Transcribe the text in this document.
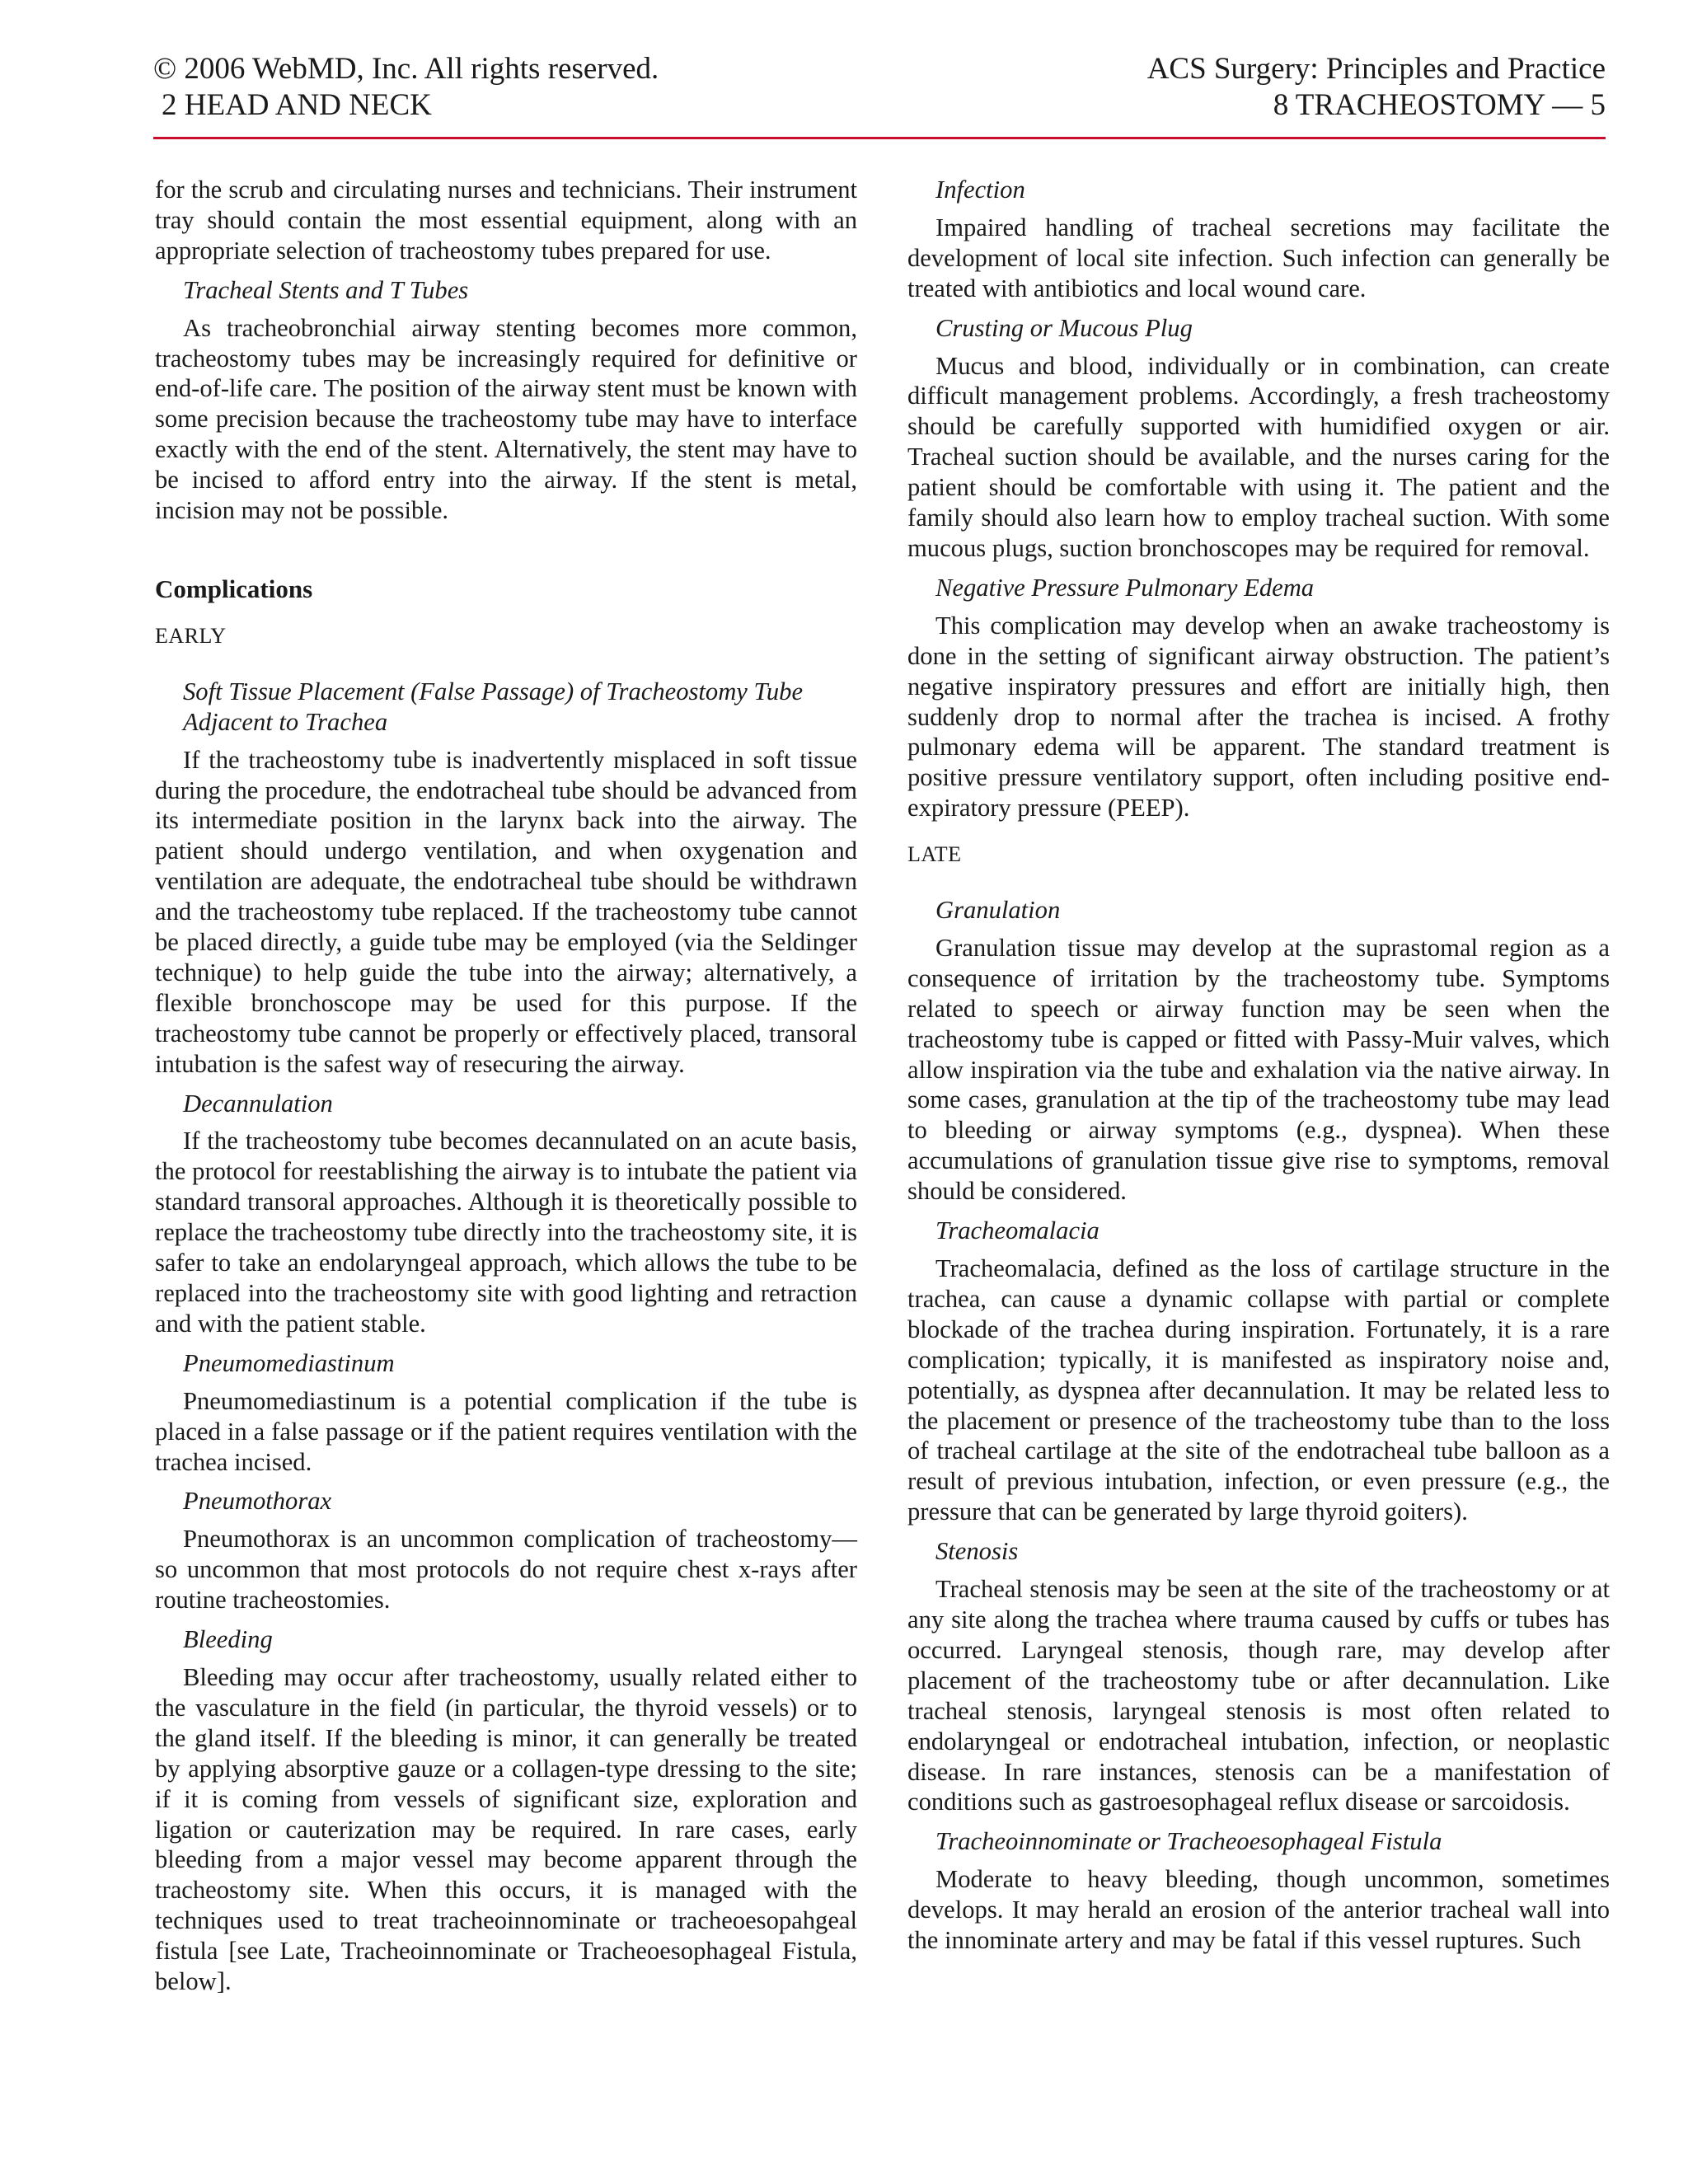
© 2006 WebMD, Inc. All rights reserved.
2 HEAD AND NECK
ACS Surgery: Principles and Practice
8 TRACHEOSTOMY — 5

for the scrub and circulating nurses and technicians. Their instrument tray should contain the most essential equipment, along with an appropriate selection of tracheostomy tubes prepared for use.

Tracheal Stents and T Tubes

As tracheobronchial airway stenting becomes more common, tracheostomy tubes may be increasingly required for definitive or end-of-life care. The position of the airway stent must be known with some precision because the tracheostomy tube may have to interface exactly with the end of the stent. Alternatively, the stent may have to be incised to afford entry into the airway. If the stent is metal, incision may not be possible.

Complications

EARLY

Soft Tissue Placement (False Passage) of Tracheostomy Tube Adjacent to Trachea

If the tracheostomy tube is inadvertently misplaced in soft tissue during the procedure, the endotracheal tube should be advanced from its intermediate position in the larynx back into the airway. The patient should undergo ventilation, and when oxygenation and ventilation are adequate, the endotracheal tube should be withdrawn and the tracheostomy tube replaced. If the tracheostomy tube cannot be placed directly, a guide tube may be employed (via the Seldinger technique) to help guide the tube into the airway; alternatively, a flexible bronchoscope may be used for this purpose. If the tracheostomy tube cannot be properly or effectively placed, transoral intubation is the safest way of resecuring the airway.

Decannulation

If the tracheostomy tube becomes decannulated on an acute basis, the protocol for reestablishing the airway is to intubate the patient via standard transoral approaches. Although it is theoretically possible to replace the tracheostomy tube directly into the tracheostomy site, it is safer to take an endolaryngeal approach, which allows the tube to be replaced into the tracheostomy site with good lighting and retraction and with the patient stable.

Pneumomediastinum

Pneumomediastinum is a potential complication if the tube is placed in a false passage or if the patient requires ventilation with the trachea incised.

Pneumothorax

Pneumothorax is an uncommon complication of tracheostomy—so uncommon that most protocols do not require chest x-rays after routine tracheostomies.

Bleeding

Bleeding may occur after tracheostomy, usually related either to the vasculature in the field (in particular, the thyroid vessels) or to the gland itself. If the bleeding is minor, it can generally be treated by applying absorptive gauze or a collagen-type dressing to the site; if it is coming from vessels of significant size, exploration and ligation or cauterization may be required. In rare cases, early bleeding from a major vessel may become apparent through the tracheostomy site. When this occurs, it is managed with the techniques used to treat tracheoinnominate or tracheoesopahgeal fistula [see Late, Tracheoinnominate or Tracheoesophageal Fistula, below].

Infection

Impaired handling of tracheal secretions may facilitate the development of local site infection. Such infection can generally be treated with antibiotics and local wound care.

Crusting or Mucous Plug

Mucus and blood, individually or in combination, can create difficult management problems. Accordingly, a fresh tracheostomy should be carefully supported with humidified oxygen or air. Tracheal suction should be available, and the nurses caring for the patient should be comfortable with using it. The patient and the family should also learn how to employ tracheal suction. With some mucous plugs, suction bronchoscopes may be required for removal.

Negative Pressure Pulmonary Edema

This complication may develop when an awake tracheostomy is done in the setting of significant airway obstruction. The patient’s negative inspiratory pressures and effort are initially high, then suddenly drop to normal after the trachea is incised. A frothy pulmonary edema will be apparent. The standard treatment is positive pressure ventilatory support, often including positive end-expiratory pressure (PEEP).

LATE

Granulation

Granulation tissue may develop at the suprastomal region as a consequence of irritation by the tracheostomy tube. Symptoms related to speech or airway function may be seen when the tracheostomy tube is capped or fitted with Passy-Muir valves, which allow inspiration via the tube and exhalation via the native airway. In some cases, granulation at the tip of the tracheostomy tube may lead to bleeding or airway symptoms (e.g., dyspnea). When these accumulations of granulation tissue give rise to symptoms, removal should be considered.

Tracheomalacia

Tracheomalacia, defined as the loss of cartilage structure in the trachea, can cause a dynamic collapse with partial or complete blockade of the trachea during inspiration. Fortunately, it is a rare complication; typically, it is manifested as inspiratory noise and, potentially, as dyspnea after decannulation. It may be related less to the placement or presence of the tracheostomy tube than to the loss of tracheal cartilage at the site of the endotracheal tube balloon as a result of previous intubation, infection, or even pressure (e.g., the pressure that can be generated by large thyroid goiters).

Stenosis

Tracheal stenosis may be seen at the site of the tracheostomy or at any site along the trachea where trauma caused by cuffs or tubes has occurred. Laryngeal stenosis, though rare, may develop after placement of the tracheostomy tube or after decannulation. Like tracheal stenosis, laryngeal stenosis is most often related to endolaryngeal or endotracheal intubation, infection, or neoplastic disease. In rare instances, stenosis can be a manifestation of conditions such as gastroesophageal reflux disease or sarcoidosis.

Tracheoinnominate or Tracheoesophageal Fistula

Moderate to heavy bleeding, though uncommon, sometimes develops. It may herald an erosion of the anterior tracheal wall into the innominate artery and may be fatal if this vessel ruptures. Such
